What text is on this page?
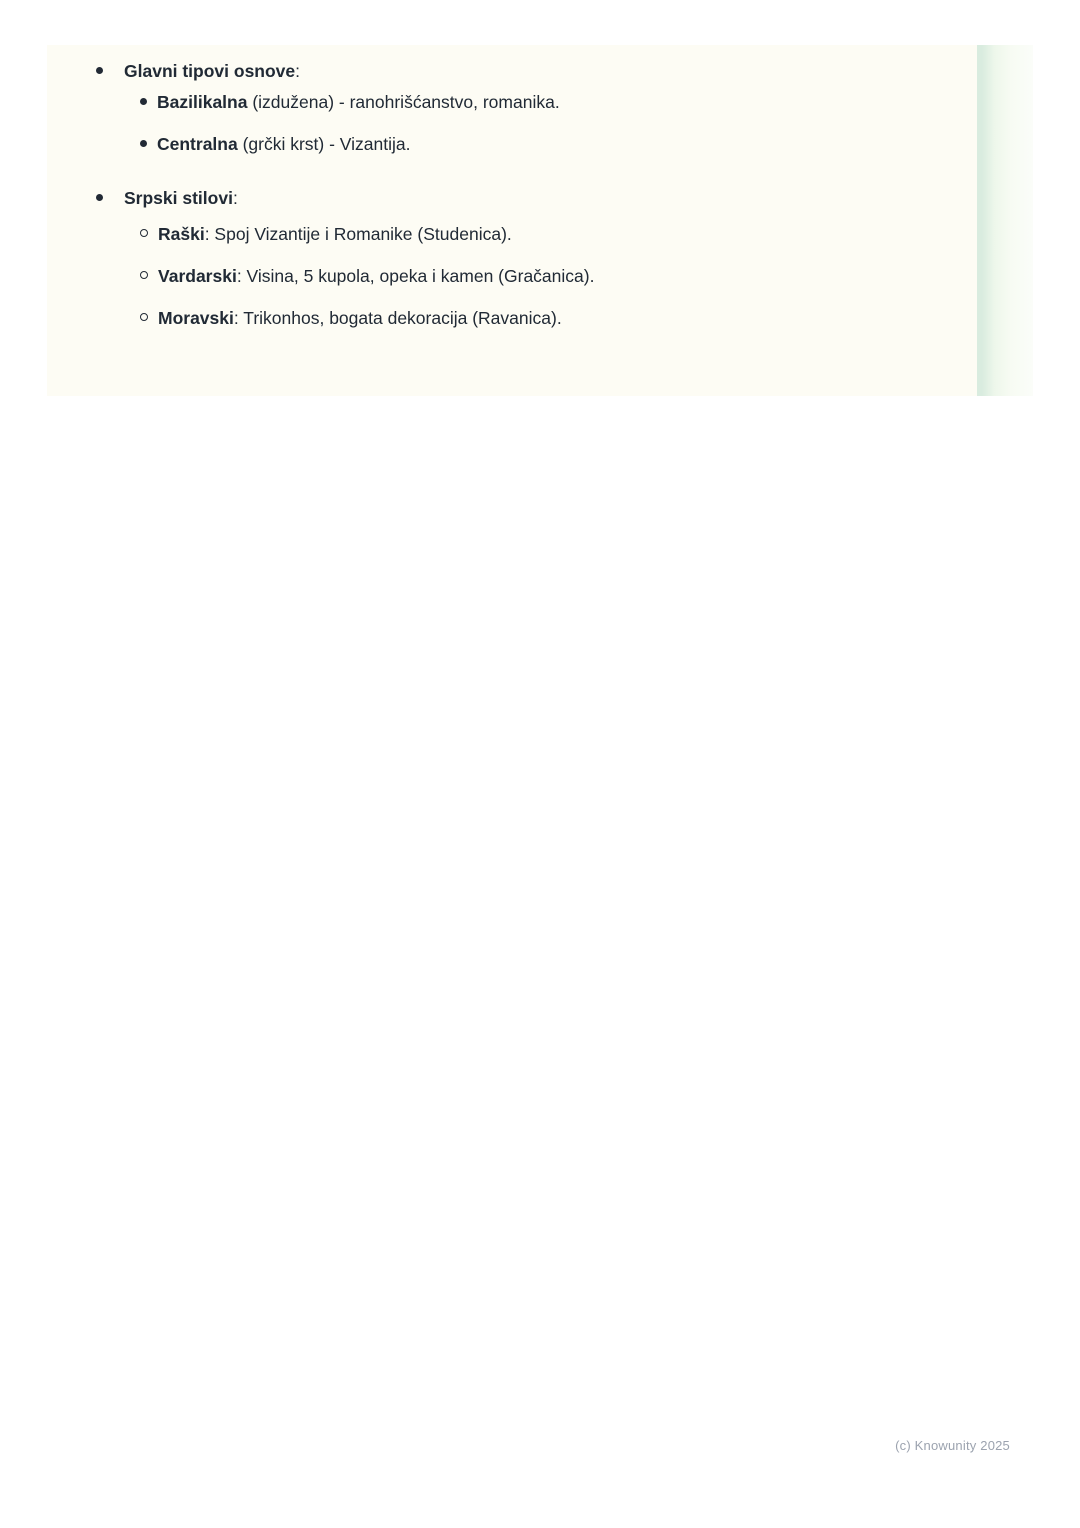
Glavni tipovi osnove:
Bazilikalna (izdužena) - ranohrišćanstvo, romanika.
Centralna (grčki krst) - Vizantija.
Srpski stilovi:
Raški: Spoj Vizantije i Romanike (Studenica).
Vardarski: Visina, 5 kupola, opeka i kamen (Gračanica).
Moravski: Trikonhos, bogata dekoracija (Ravanica).
(c) Knowunity 2025
